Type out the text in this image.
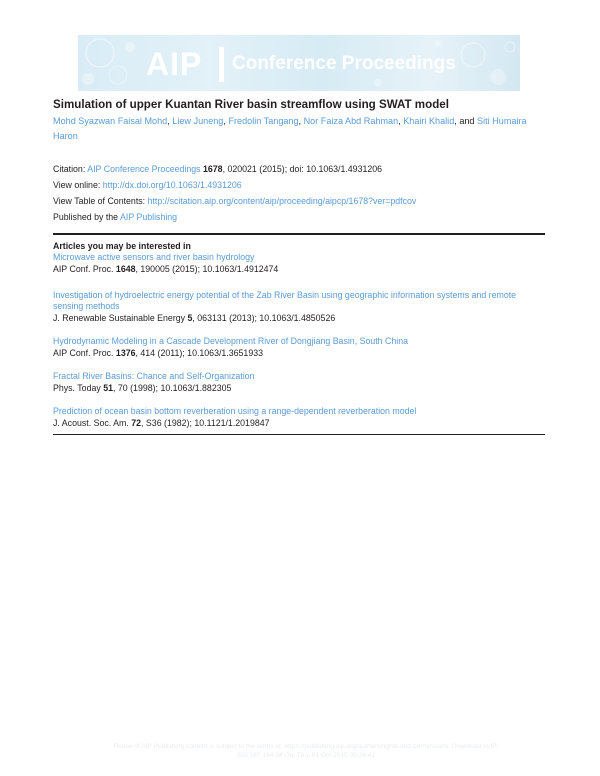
AIP Conference Proceedings
Simulation of upper Kuantan River basin streamflow using SWAT model
Mohd Syazwan Faisal Mohd, Liew Juneng, Fredolin Tangang, Nor Faiza Abd Rahman, Khairi Khalid, and Siti Humaira Haron
Citation: AIP Conference Proceedings 1678, 020021 (2015); doi: 10.1063/1.4931206
View online: http://dx.doi.org/10.1063/1.4931206
View Table of Contents: http://scitation.aip.org/content/aip/proceeding/aipcp/1678?ver=pdfcov
Published by the AIP Publishing
Articles you may be interested in
Microwave active sensors and river basin hydrology
AIP Conf. Proc. 1648, 190005 (2015); 10.1063/1.4912474
Investigation of hydroelectric energy potential of the Zab River Basin using geographic information systems and remote sensing methods
J. Renewable Sustainable Energy 5, 063131 (2013); 10.1063/1.4850526
Hydrodynamic Modeling in a Cascade Development River of Dongjiang Basin, South China
AIP Conf. Proc. 1376, 414 (2011); 10.1063/1.3651933
Fractal River Basins: Chance and Self-Organization
Phys. Today 51, 70 (1998); 10.1063/1.882305
Prediction of ocean basin bottom reverberation using a range-dependent reverberation model
J. Acoust. Soc. Am. 72, S36 (1982); 10.1121/1.2019847
Reuse of AIP Publishing content is subject to the terms at: https://publishing.aip.org/authors/rights-and-permissions. Download to IP:
202.187.164.34 On: Thu, 01 Oct 2015 05:26:41
